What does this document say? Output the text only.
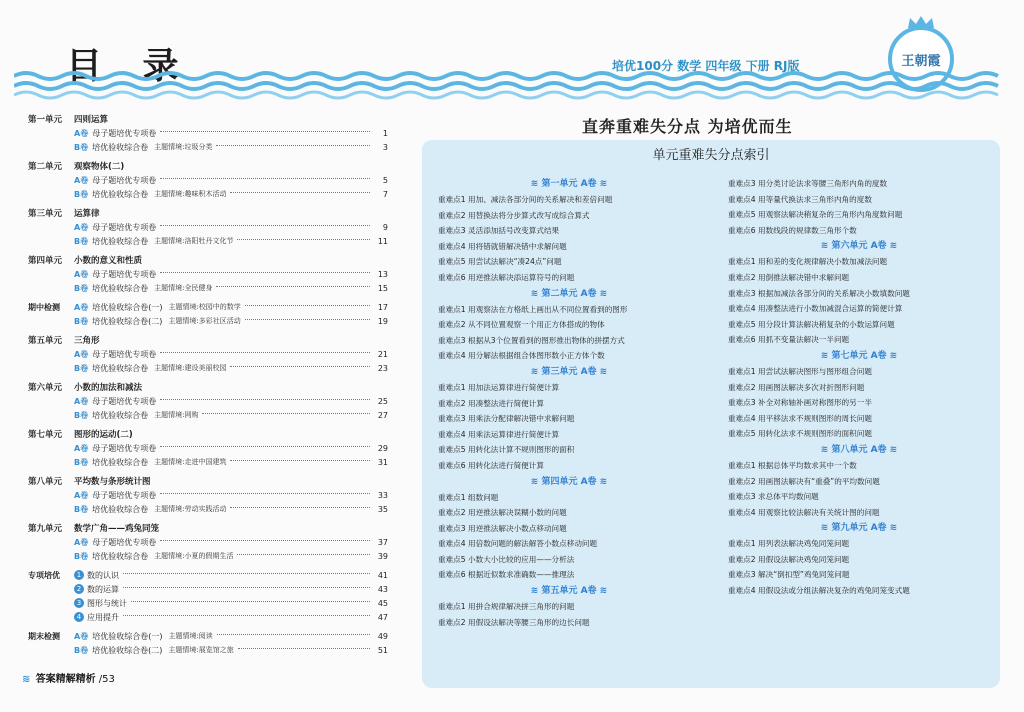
目 录	培优100分 数学 四年级 下册 RJ版	王朝霞
第一单元	四则运算
A卷 母子题培优专项卷	1
B卷 培优验收综合卷 主题情境:垃圾分类	3
第二单元	观察物体(二)
A卷 母子题培优专项卷	5
B卷 培优验收综合卷 主题情境:趣味积木活动	7
第三单元	运算律
A卷 母子题培优专项卷	9
B卷 培优验收综合卷 主题情境:洛阳牡丹文化节	11
第四单元	小数的意义和性质
A卷 母子题培优专项卷	13
B卷 培优验收综合卷 主题情境:全民健身	15
期中检测	A卷 培优验收综合卷(一) 主题情境:校园中的数学	17
B卷 培优验收综合卷(二) 主题情境:多彩社区活动	19
第五单元	三角形
A卷 母子题培优专项卷	21
B卷 培优验收综合卷 主题情境:建设美丽校园	23
第六单元	小数的加法和减法
A卷 母子题培优专项卷	25
B卷 培优验收综合卷 主题情境:网购	27
第七单元	图形的运动(二)
A卷 母子题培优专项卷	29
B卷 培优验收综合卷 主题情境:走进中国建筑	31
第八单元	平均数与条形统计图
A卷 母子题培优专项卷	33
B卷 培优验收综合卷 主题情境:劳动实践活动	35
第九单元	数学广角——鸡兔同笼
A卷 母子题培优专项卷	37
B卷 培优验收综合卷 主题情境:小夏的假期生活	39
专项培优	1 数的认识	41
2 数的运算	43
3 图形与统计	45
4 应用提升	47
期末检测	A卷 培优验收综合卷(一) 主题情境:阅读	49
B卷 培优验收综合卷(二) 主题情境:展览馆之旅	51
≋ 答案精解精析 /53
直奔重难失分点 为培优而生
单元重难失分点索引
≋ 第一单元 A卷 ≋
重难点1 用加、减法各部分间的关系解决和差倍问题
重难点2 用替换法将分步算式改写成综合算式
重难点3 灵活添加括号改变算式结果
重难点4 用将错就错解决错中求解问题
重难点5 用尝试法解决“凑24点”问题
重难点6 用逆推法解决添运算符号的问题
≋ 第二单元 A卷 ≋
重难点1 用观察法在方格纸上画出从不同位置看到的图形
重难点2 从不同位置观察一个用正方体搭成的物体
重难点3 根据从3个位置看到的图形推出物体的拼摆方式
重难点4 用分解法根据组合体图形数小正方体个数
≋ 第三单元 A卷 ≋
重难点1 用加法运算律进行简便计算
重难点2 用凑整法进行简便计算
重难点3 用乘法分配律解决错中求解问题
重难点4 用乘法运算律进行简便计算
重难点5 用转化法计算不规则图形的面积
重难点6 用转化法进行简便计算
≋ 第四单元 A卷 ≋
重难点1 组数问题
重难点2 用逆推法解决误糊小数的问题
重难点3 用逆推法解决小数点移动问题
重难点4 用倍数问题的解法解答小数点移动问题
重难点5 小数大小比较的应用——分析法
重难点6 根据近似数求准确数——推理法
≋ 第五单元 A卷 ≋
重难点1 用拼合规律解决拼三角形的问题
重难点2 用假设法解决等腰三角形的边长问题
重难点3 用分类讨论法求等腰三角形内角的度数
重难点4 用等量代换法求三角形内角的度数
重难点5 用观察法解决稍复杂的三角形内角度数问题
重难点6 用数线段的规律数三角形个数
≋ 第六单元 A卷 ≋
重难点1 用和差的变化规律解决小数加减法问题
重难点2 用倒推法解决错中求解问题
重难点3 根据加减法各部分间的关系解决小数填数问题
重难点4 用凑整法进行小数加减混合运算的简便计算
重难点5 用分段计算法解决稍复杂的小数运算问题
重难点6 用抓不变量法解决一半问题
≋ 第七单元 A卷 ≋
重难点1 用尝试法解决图形与图形组合问题
重难点2 用画图法解决多次对折图形问题
重难点3 补全对称轴补画对称图形的另一半
重难点4 用平移法求不规则图形的周长问题
重难点5 用转化法求不规则图形的面积问题
≋ 第八单元 A卷 ≋
重难点1 根据总体平均数求其中一个数
重难点2 用画图法解决有“重叠”的平均数问题
重难点3 求总体平均数问题
重难点4 用观察比较法解决有关统计图的问题
≋ 第九单元 A卷 ≋
重难点1 用列表法解决鸡兔同笼问题
重难点2 用假设法解决鸡兔同笼问题
重难点3 解决“倒扣型”鸡兔同笼问题
重难点4 用假设法或分组法解决复杂的鸡兔同笼变式题
